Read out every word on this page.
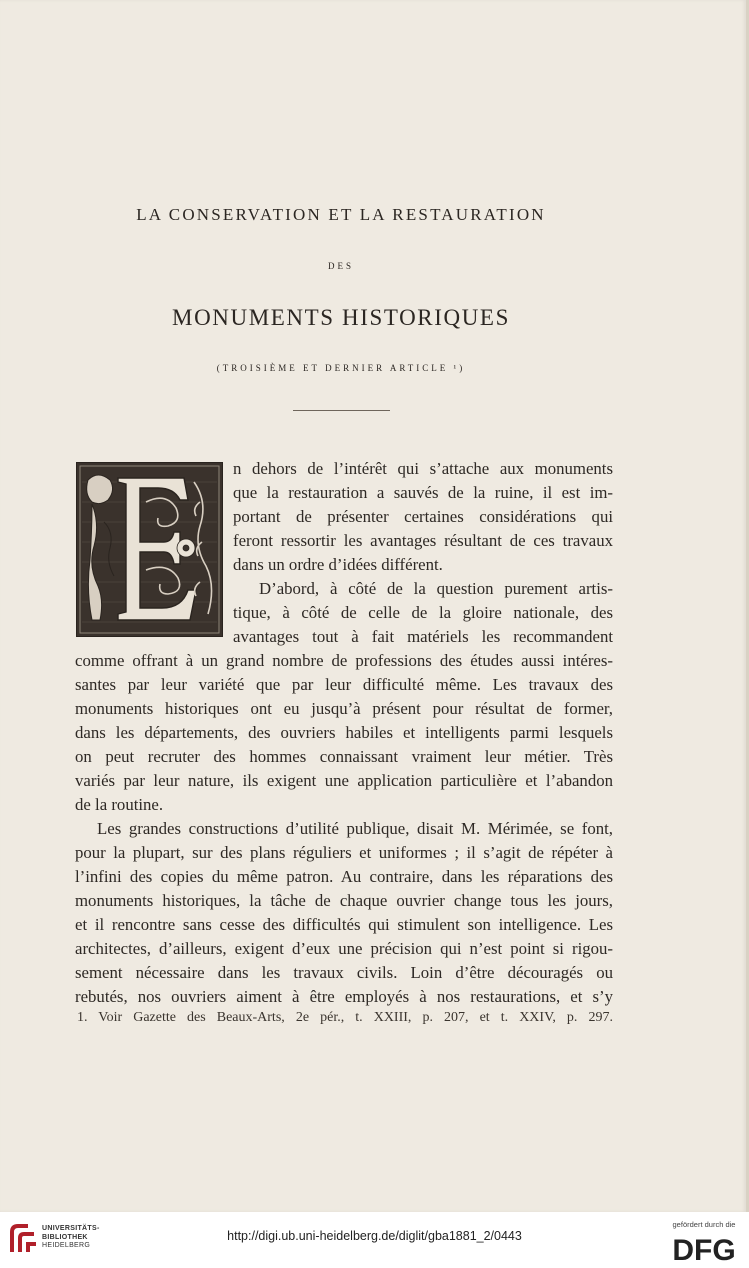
LA CONSERVATION ET LA RESTAURATION
DES
MONUMENTS HISTORIQUES
(TROISIÈME ET DERNIER ARTICLE ¹)

n dehors de l’intérêt qui s’attache aux monuments

que la restauration a sauvés de la ruine, il est im-

portant de présenter certaines considérations qui

feront ressortir les avantages résultant de ces travaux

dans un ordre d’idées différent.

D’abord, à côté de la question purement artis-

tique, à côté de celle de la gloire nationale, des

avantages tout à fait matériels les recommandent

comme offrant à un grand nombre de professions des études aussi intéres-

santes par leur variété que par leur difficulté même. Les travaux des

monuments historiques ont eu jusqu’à présent pour résultat de former,

dans les départements, des ouvriers habiles et intelligents parmi lesquels

on peut recruter des hommes connaissant vraiment leur métier. Très

variés par leur nature, ils exigent une application particulière et l’abandon

de la routine.

Les grandes constructions d’utilité publique, disait M. Mérimée, se font,

pour la plupart, sur des plans réguliers et uniformes ; il s’agit de répéter à

l’infini des copies du même patron. Au contraire, dans les réparations des

monuments historiques, la tâche de chaque ouvrier change tous les jours,

et il rencontre sans cesse des difficultés qui stimulent son intelligence. Les

architectes, d’ailleurs, exigent d’eux une précision qui n’est point si rigou-

sement nécessaire dans les travaux civils. Loin d’être découragés ou

rebutés, nos ouvriers aiment à être employés à nos restaurations, et s’y

1. Voir Gazette des Beaux-Arts, 2e pér., t. XXIII, p. 207, et t. XXIV, p. 297.
UNIVERSITÄTS-
BIBLIOTHEK
HEIDELBERG
http://digi.ub.uni-heidelberg.de/diglit/gba1881_2/0443
gefördert durch die
DFG
